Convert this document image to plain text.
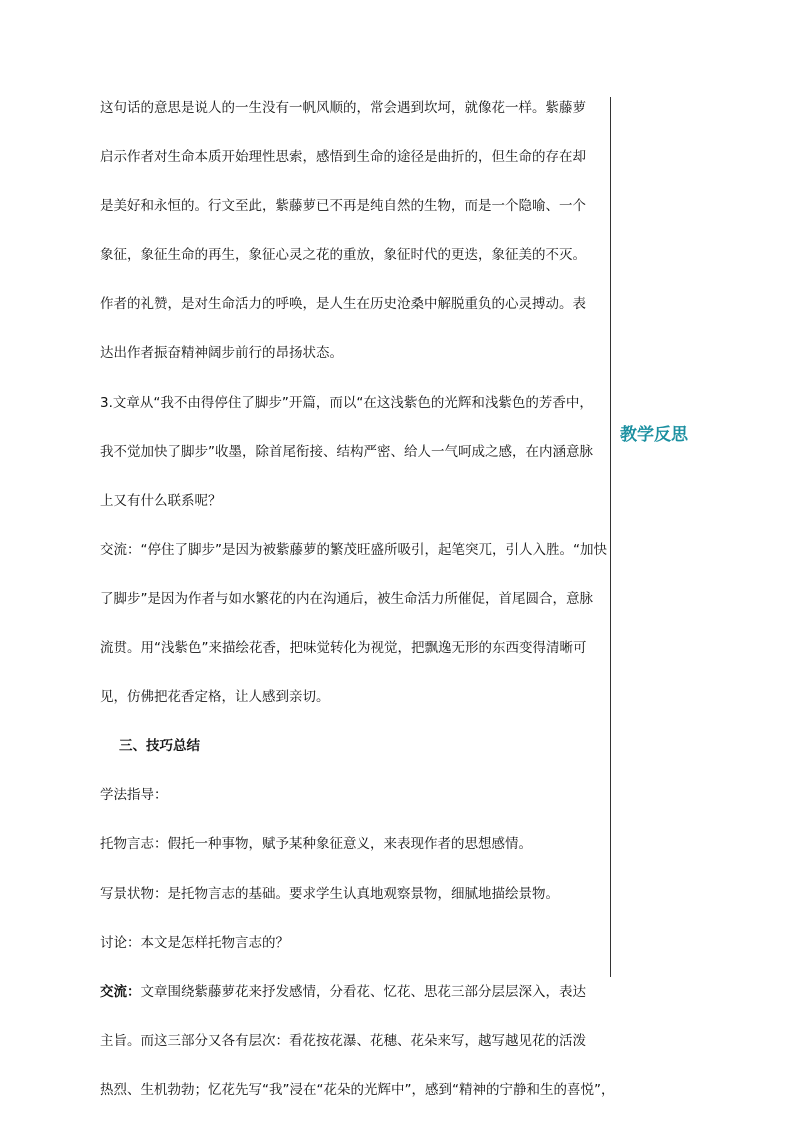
这句话的意思是说人的一生没有一帆风顺的，常会遇到坎坷，就像花一样。紫藤萝
启示作者对生命本质开始理性思索，感悟到生命的途径是曲折的，但生命的存在却
是美好和永恒的。行文至此，紫藤萝已不再是纯自然的生物，而是一个隐喻、一个
象征，象征生命的再生，象征心灵之花的重放，象征时代的更迭，象征美的不灭。
作者的礼赞，是对生命活力的呼唤，是人生在历史沧桑中解脱重负的心灵搏动。表
达出作者振奋精神阔步前行的昂扬状态。
3.文章从“我不由得停住了脚步”开篇，而以“在这浅紫色的光辉和浅紫色的芳香中，
我不觉加快了脚步”收墨，除首尾衔接、结构严密、给人一气呵成之感，在内涵意脉
上又有什么联系呢？
交流：“停住了脚步”是因为被紫藤萝的繁茂旺盛所吸引，起笔突兀，引人入胜。“加快
了脚步”是因为作者与如水繁花的内在沟通后，被生命活力所催促，首尾圆合，意脉
流贯。用“浅紫色”来描绘花香，把味觉转化为视觉，把飘逸无形的东西变得清晰可
见，仿佛把花香定格，让人感到亲切。
三、技巧总结
学法指导：
托物言志：假托一种事物，赋予某种象征意义，来表现作者的思想感情。
写景状物：是托物言志的基础。要求学生认真地观察景物，细腻地描绘景物。
讨论：本文是怎样托物言志的？
交流：文章围绕紫藤萝花来抒发感情，分看花、忆花、思花三部分层层深入，表达
主旨。而这三部分又各有层次：看花按花瀑、花穗、花朵来写，越写越见花的活泼
热烈、生机勃勃；忆花先写“我”浸在“花朵的光辉中”，感到“精神的宁静和生的喜悦”，
教学反思
